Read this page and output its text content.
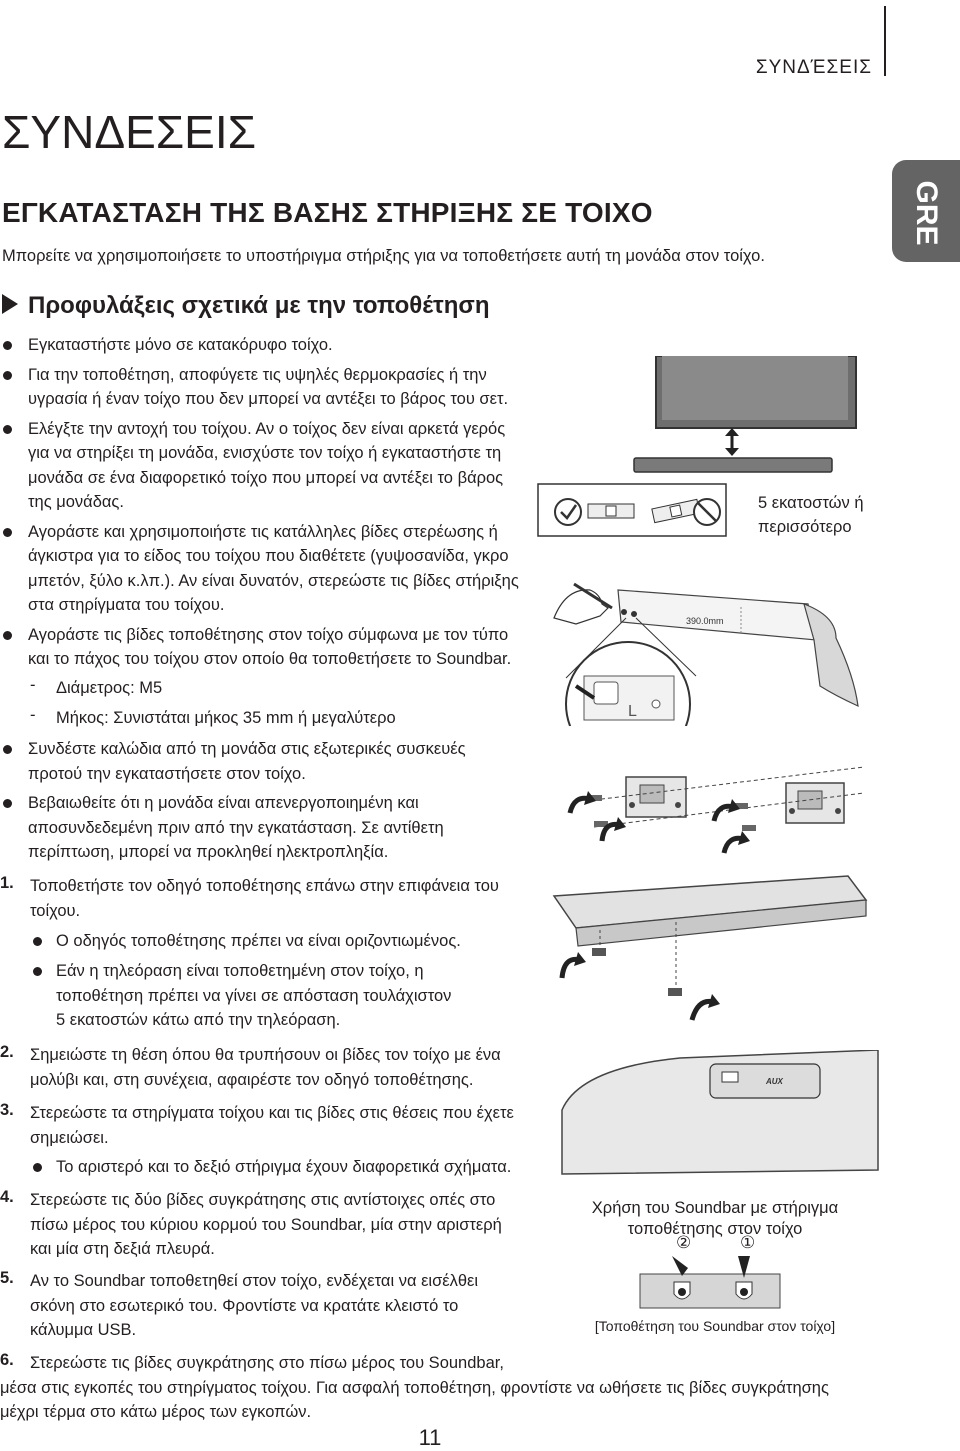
ΣΥΝΔΈΣΕΙΣ
GRE
ΣΥΝΔΕΣΕΙΣ
ΕΓΚΑΤΑΣΤΑΣΗ ΤΗΣ ΒΑΣΗΣ ΣΤΗΡΙΞΗΣ ΣΕ ΤΟΙΧΟ
Μπορείτε να χρησιμοποιήσετε το υποστήριγμα στήριξης για να τοποθετήσετε αυτή τη μονάδα στον τοίχο.
Προφυλάξεις σχετικά με την τοποθέτηση
Εγκαταστήστε μόνο σε κατακόρυφο τοίχο.
Για την τοποθέτηση, αποφύγετε τις υψηλές θερμοκρασίες ή την
υγρασία ή έναν τοίχο που δεν μπορεί να αντέξει το βάρος του σετ.
Ελέγξτε την αντοχή του τοίχου. Αν ο τοίχος δεν είναι αρκετά γερός
για να στηρίξει τη μονάδα, ενισχύστε τον τοίχο ή εγκαταστήστε τη
μονάδα σε ένα διαφορετικό τοίχο που μπορεί να αντέξει το βάρος
της μονάδας.
Αγοράστε και χρησιμοποιήστε τις κατάλληλες βίδες στερέωσης ή
άγκιστρα για το είδος του τοίχου που διαθέτετε (γυψοσανίδα, γκρο
μπετόν, ξύλο κ.λπ.). Αν είναι δυνατόν, στερεώστε τις βίδες στήριξης
στα στηρίγματα του τοίχου.
Αγοράστε τις βίδες τοποθέτησης στον τοίχο σύμφωνα με τον τύπο
και το πάχος του τοίχου στον οποίο θα τοποθετήσετε το Soundbar.
- Διάμετρος: M5
- Μήκος: Συνιστάται μήκος 35 mm ή μεγαλύτερο
Συνδέστε καλώδια από τη μονάδα στις εξωτερικές συσκευές
προτού την εγκαταστήσετε στον τοίχο.
Βεβαιωθείτε ότι η μονάδα είναι απενεργοποιημένη και
αποσυνδεδεμένη πριν από την εγκατάσταση. Σε αντίθετη
περίπτωση, μπορεί να προκληθεί ηλεκτροπληξία.
1. Τοποθετήστε τον οδηγό τοποθέτησης επάνω στην επιφάνεια του
τοίχου.
Ο οδηγός τοποθέτησης πρέπει να είναι οριζοντιωμένος.
Εάν η τηλεόραση είναι τοποθετημένη στον τοίχο, η
τοποθέτηση πρέπει να γίνει σε απόσταση τουλάχιστον
5 εκατοστών κάτω από την τηλεόραση.
2. Σημειώστε τη θέση όπου θα τρυπήσουν οι βίδες τον τοίχο με ένα
μολύβι και, στη συνέχεια, αφαιρέστε τον οδηγό τοποθέτησης.
3. Στερεώστε τα στηρίγματα τοίχου και τις βίδες στις θέσεις που έχετε
σημειώσει.
Το αριστερό και το δεξιό στήριγμα έχουν διαφορετικά σχήματα.
4. Στερεώστε τις δύο βίδες συγκράτησης στις αντίστοιχες οπές στο
πίσω μέρος του κύριου κορμού του Soundbar, μία στην αριστερή
και μία στη δεξιά πλευρά.
5. Αν το Soundbar τοποθετηθεί στον τοίχο, ενδέχεται να εισέλθει
σκόνη στο εσωτερικό του. Φροντίστε να κρατάτε κλειστό το
κάλυμμα USB.
6. Στερεώστε τις βίδες συγκράτησης στο πίσω μέρος του Soundbar,
μέσα στις εγκοπές του στηρίγματος τοίχου. Για ασφαλή τοποθέτηση, φροντίστε να ωθήσετε τις βίδες συγκράτησης
μέχρι τέρμα στο κάτω μέρος των εγκοπών.
11
390.0mm
L
5 εκατοστών ή
περισσότερο
AUX
Χρήση του Soundbar με στήριγμα
τοποθέτησης στον τοίχο
②	①
[Τοποθέτηση του Soundbar στον τοίχο]
